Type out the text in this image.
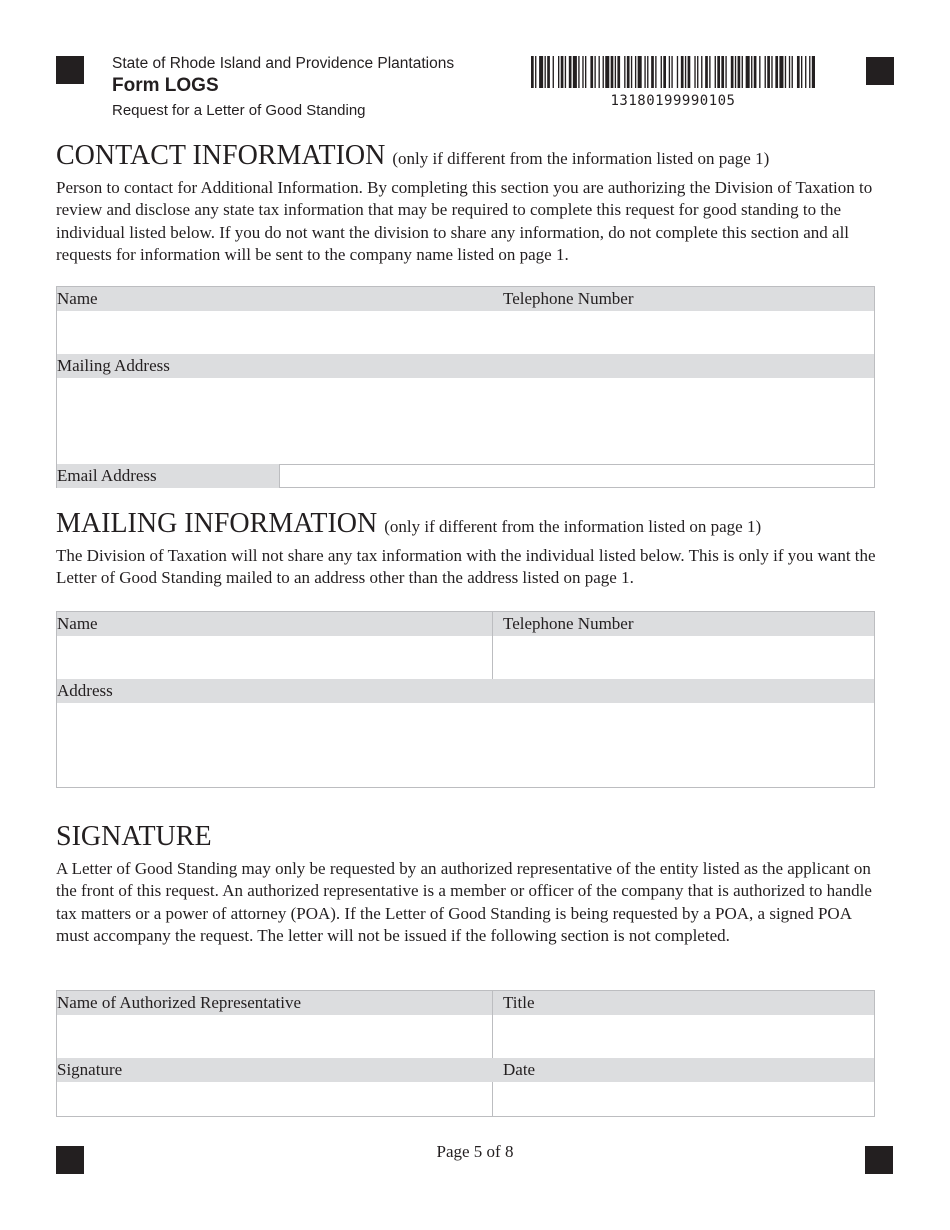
State of Rhode Island and Providence Plantations
Form LOGS
Request for a Letter of Good Standing
13180199990105
CONTACT INFORMATION (only if different from the information listed on page 1)
Person to contact for Additional Information. By completing this section you are authorizing the Division of Taxation to review and disclose any state tax information that may be required to complete this request for good standing to the individual listed below. If you do not want the division to share any information, do not complete this section and all requests for information will be sent to the company name listed on page 1.
Name	Telephone Number
Mailing Address
Email Address
MAILING INFORMATION (only if different from the information listed on page 1)
The Division of Taxation will not share any tax information with the individual listed below. This is only if you want the Letter of Good Standing mailed to an address other than the address listed on page 1.
Name	Telephone Number
Address
SIGNATURE
A Letter of Good Standing may only be requested by an authorized representative of the entity listed as the applicant on the front of this request. An authorized representative is a member or officer of the company that is authorized to handle tax matters or a power of attorney (POA). If the Letter of Good Standing is being requested by a POA, a signed POA must accompany the request. The letter will not be issued if the following section is not completed.
Name of Authorized Representative	Title
Signature	Date
Page 5 of 8
